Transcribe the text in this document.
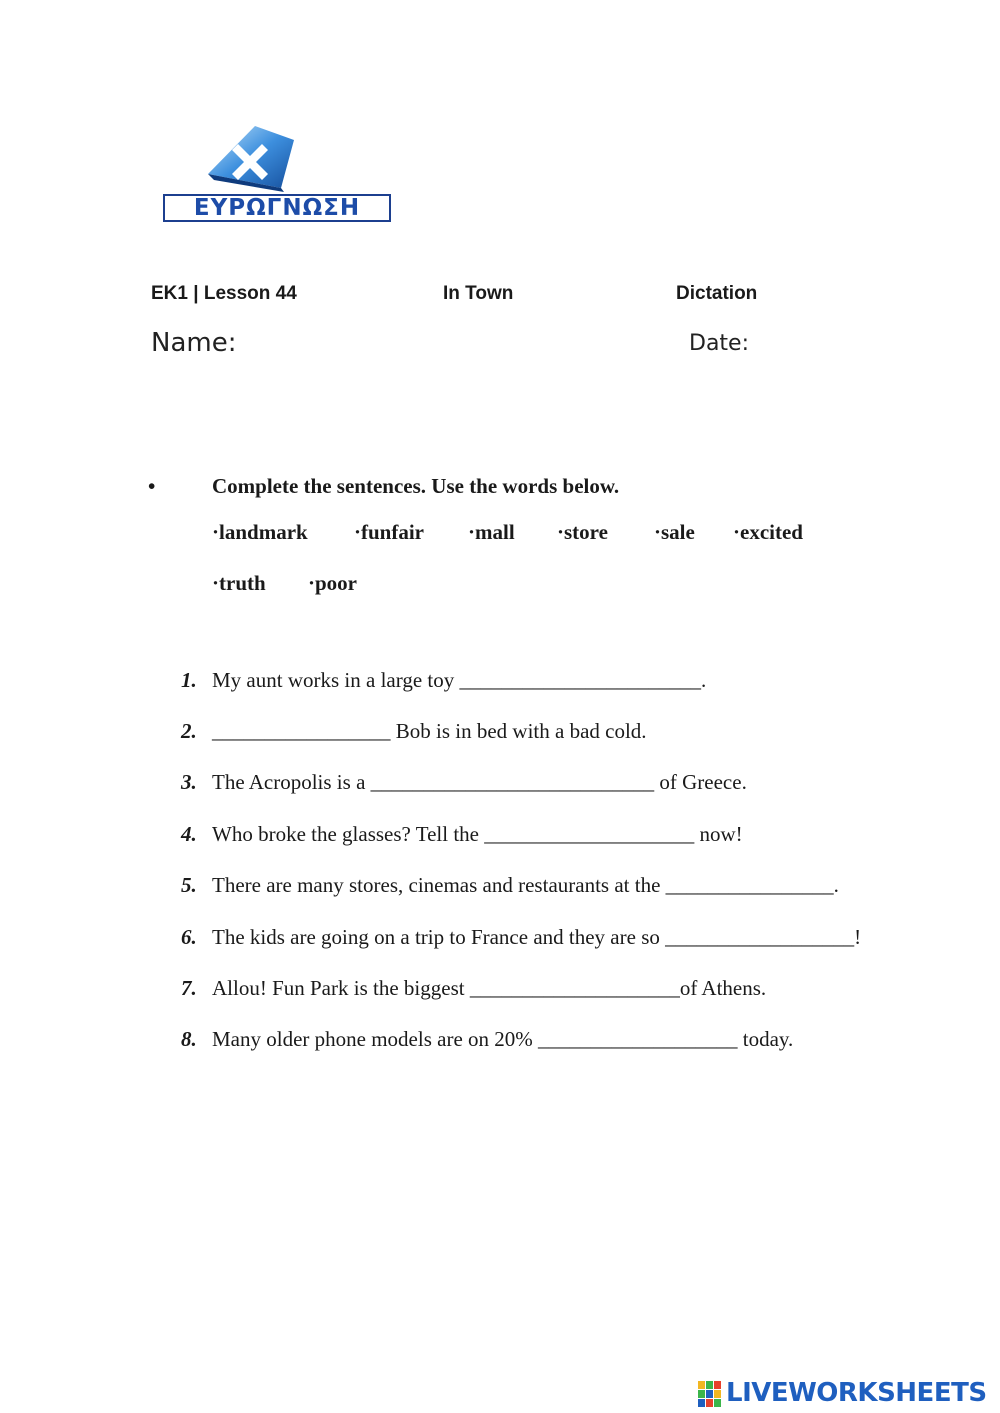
ΕΥΡΩΓΝΩΣΗ
EK1 | Lesson 44	In Town	Dictation
Name:	Date:
•	Complete the sentences. Use the words below.
·landmark ·funfair ·mall ·store ·sale ·excited
·truth ·poor
1. My aunt works in a large toy _______________________.
2. _________________ Bob is in bed with a bad cold.
3. The Acropolis is a ___________________________ of Greece.
4. Who broke the glasses? Tell the ____________________ now!
5. There are many stores, cinemas and restaurants at the ________________.
6. The kids are going on a trip to France and they are so __________________!
7. Allou! Fun Park is the biggest ____________________of Athens.
8. Many older phone models are on 20% ___________________ today.
LIVEWORKSHEETS
